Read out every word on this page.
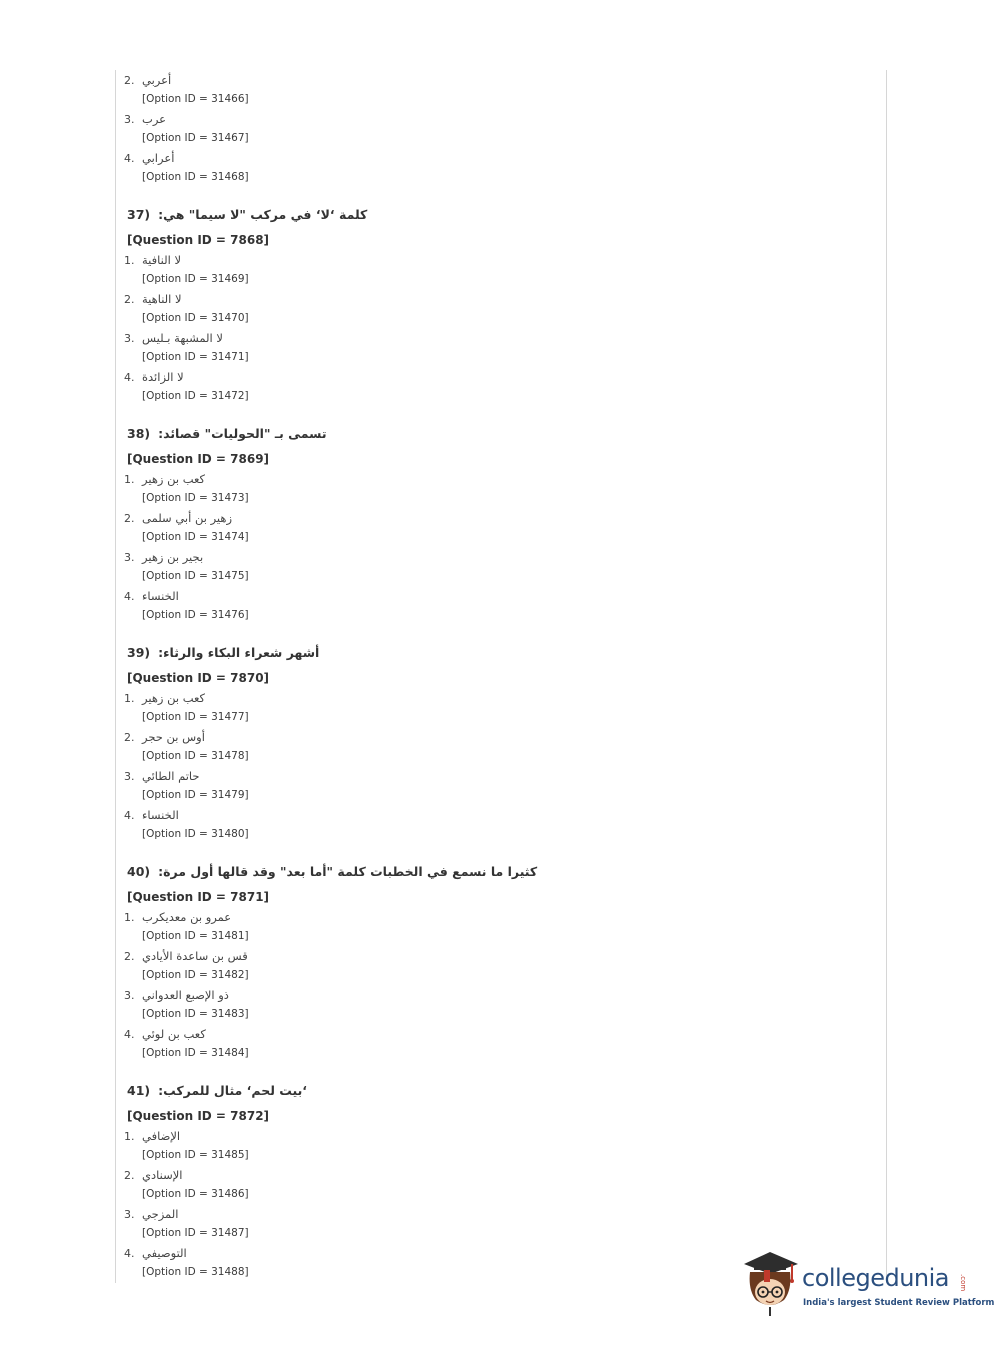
2. أعربي
[Option ID = 31466]
3. عرب
[Option ID = 31467]
4. أعرابي
[Option ID = 31468]
37) كلمة ‘لا‘ في مركب "لا سيما" هي:
[Question ID = 7868]
1. لا النافية
[Option ID = 31469]
2. لا الناهية
[Option ID = 31470]
3. لا المشبهة بـليس
[Option ID = 31471]
4. لا الزائدة
[Option ID = 31472]
38) تسمى بـ "الحوليات" قصائد:
[Question ID = 7869]
1. كعب بن زهير
[Option ID = 31473]
2. زهير بن أبي سلمى
[Option ID = 31474]
3. بجير بن زهير
[Option ID = 31475]
4. الخنساء
[Option ID = 31476]
39) أشهر شعراء البكاء والرثاء:
[Question ID = 7870]
1. كعب بن زهير
[Option ID = 31477]
2. أوس بن حجر
[Option ID = 31478]
3. حاتم الطائي
[Option ID = 31479]
4. الخنساء
[Option ID = 31480]
40) كثيرا ما نسمع في الخطبات كلمة "أما بعد" وقد قالها أول مرة:
[Question ID = 7871]
1. عمرو بن معديكرب
[Option ID = 31481]
2. قس بن ساعدة الأيادي
[Option ID = 31482]
3. ذو الإصبع العدواني
[Option ID = 31483]
4. كعب بن لوئي
[Option ID = 31484]
41) ‘بيت لحم‘ مثال للمركب:
[Question ID = 7872]
1. الإضافي
[Option ID = 31485]
2. الإسنادي
[Option ID = 31486]
3. المزجي
[Option ID = 31487]
4. التوصيفي
[Option ID = 31488]	collegedunia .com
India's largest Student Review Platform
